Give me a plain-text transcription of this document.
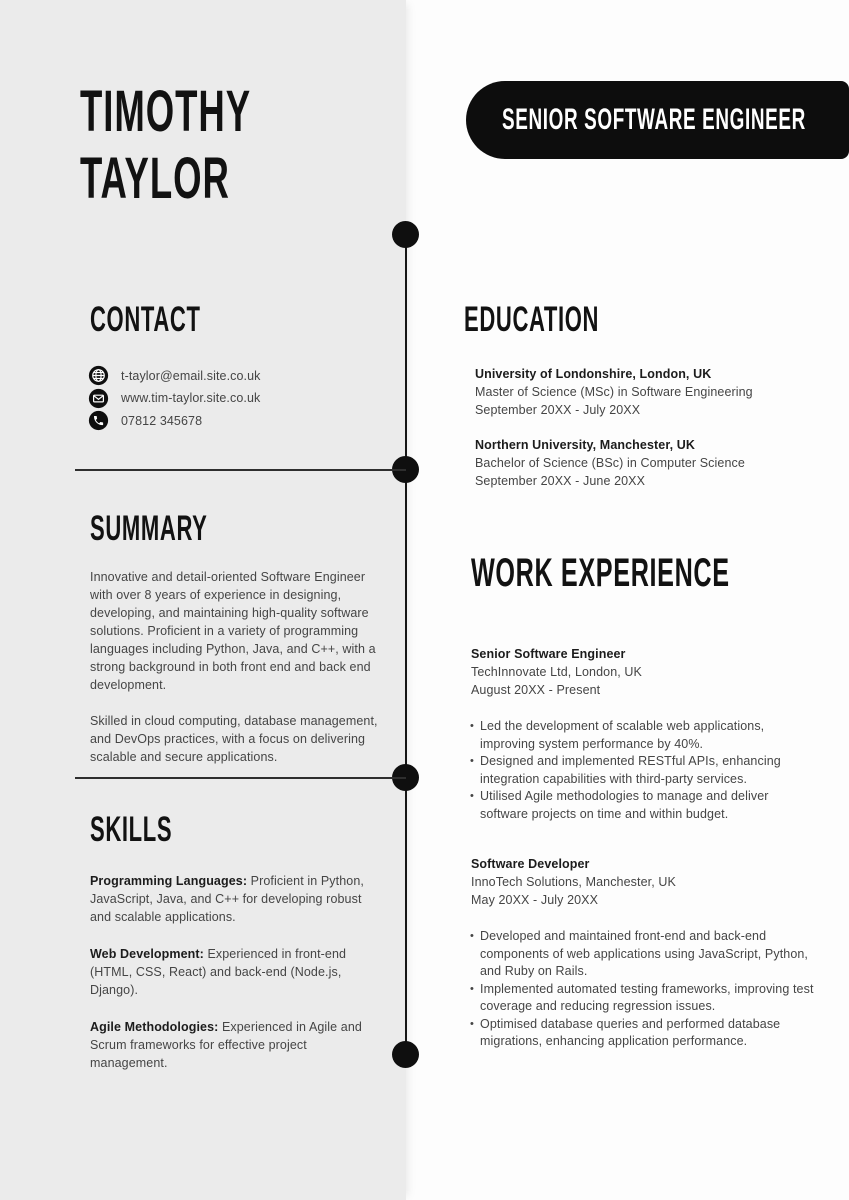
TIMOTHY
TAYLOR
SENIOR SOFTWARE ENGINEER
CONTACT
t-taylor@email.site.co.uk
www.tim-taylor.site.co.uk
07812 345678
SUMMARY

Innovative and detail-oriented Software Engineer with over 8 years of experience in designing, developing, and maintaining high-quality software solutions. Proficient in a variety of programming languages including Python, Java, and C++, with a strong background in both front end and back end development.

Skilled in cloud computing, database management, and DevOps practices, with a focus on delivering scalable and secure applications.

SKILLS

Programming Languages: Proficient in Python, JavaScript, Java, and C++ for developing robust and scalable applications.

Web Development: Experienced in front-end (HTML, CSS, React) and back-end (Node.js, Django).

Agile Methodologies: Experienced in Agile and Scrum frameworks for effective project management.

EDUCATION
University of Londonshire, London, UK
Master of Science (MSc) in Software Engineering
September 20XX - July 20XX
Northern University, Manchester, UK
Bachelor of Science (BSc) in Computer Science
September 20XX - June 20XX
WORK EXPERIENCE
Senior Software Engineer
TechInnovate Ltd, London, UK
August 20XX - Present
• Led the development of scalable web applications, improving system performance by 40%.
• Designed and implemented RESTful APIs, enhancing integration capabilities with third-party services.
• Utilised Agile methodologies to manage and deliver software projects on time and within budget.
Software Developer
InnoTech Solutions, Manchester, UK
May 20XX - July 20XX
• Developed and maintained front-end and back-end components of web applications using JavaScript, Python, and Ruby on Rails.
• Implemented automated testing frameworks, improving test coverage and reducing regression issues.
• Optimised database queries and performed database migrations, enhancing application performance.
